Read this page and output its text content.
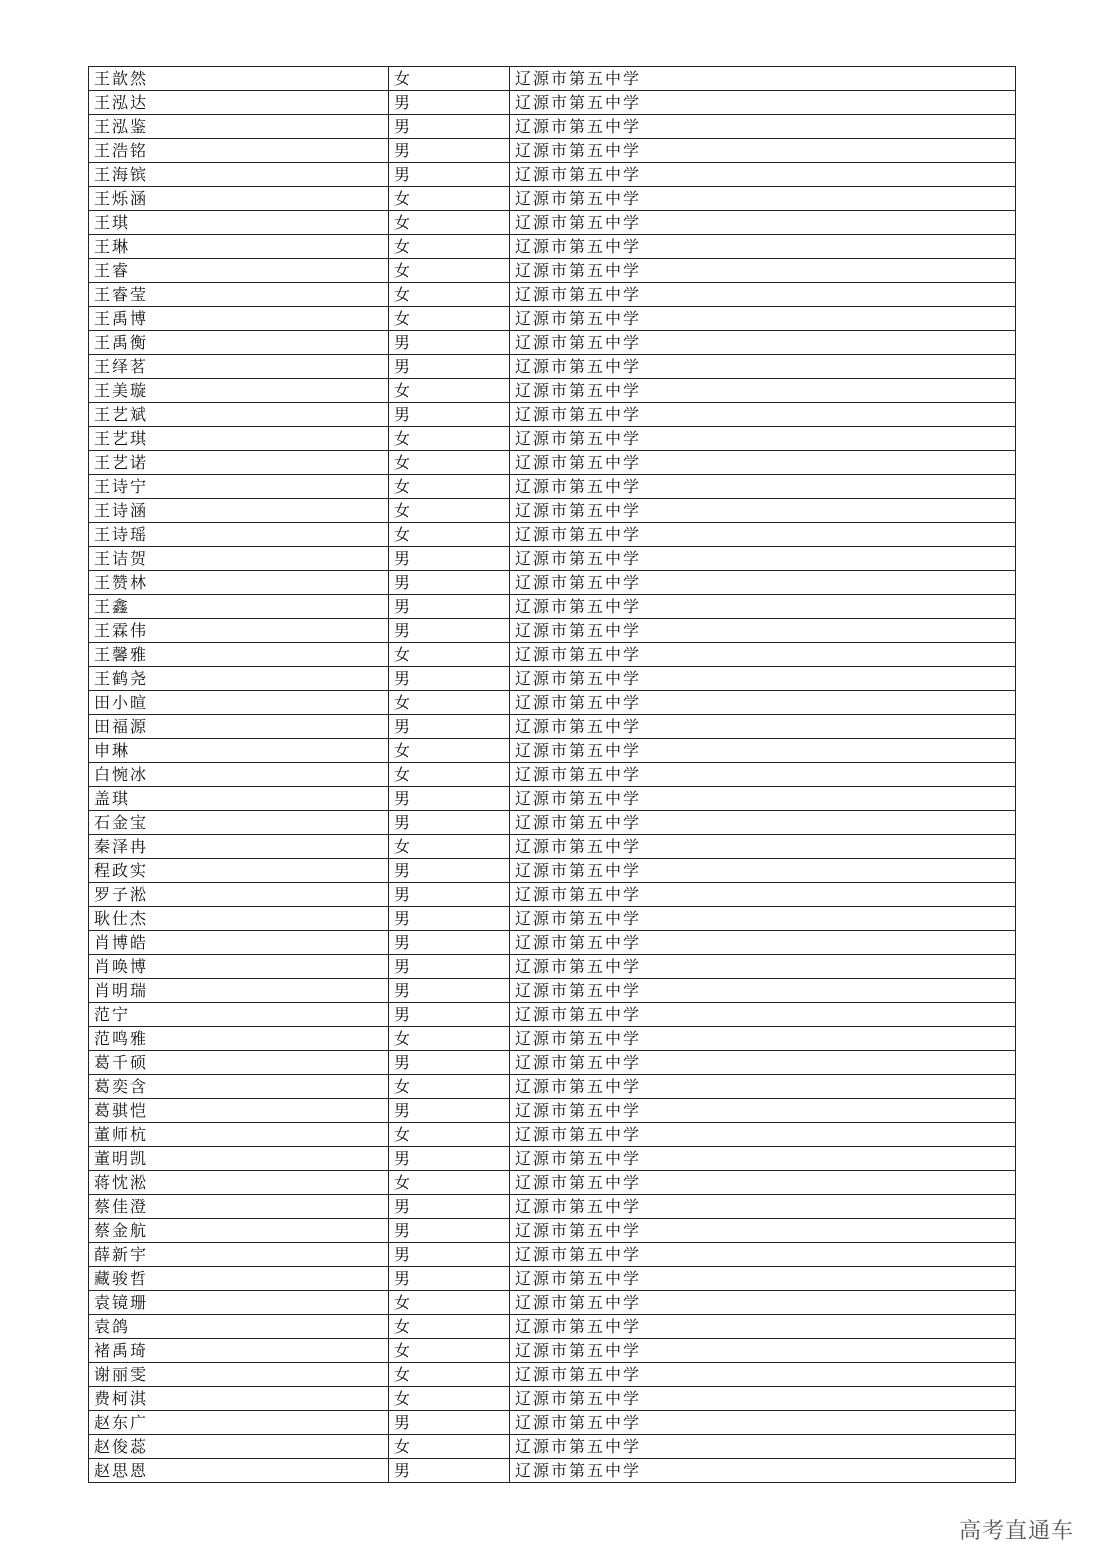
王歆然	女	辽源市第五中学
王泓达	男	辽源市第五中学
王泓鉴	男	辽源市第五中学
王浩铭	男	辽源市第五中学
王海镔	男	辽源市第五中学
王烁涵	女	辽源市第五中学
王琪	女	辽源市第五中学
王琳	女	辽源市第五中学
王睿	女	辽源市第五中学
王睿莹	女	辽源市第五中学
王禹博	女	辽源市第五中学
王禹衡	男	辽源市第五中学
王绎茗	男	辽源市第五中学
王美璇	女	辽源市第五中学
王艺斌	男	辽源市第五中学
王艺琪	女	辽源市第五中学
王艺诺	女	辽源市第五中学
王诗宁	女	辽源市第五中学
王诗涵	女	辽源市第五中学
王诗瑶	女	辽源市第五中学
王诘贺	男	辽源市第五中学
王赞林	男	辽源市第五中学
王鑫	男	辽源市第五中学
王霖伟	男	辽源市第五中学
王馨雅	女	辽源市第五中学
王鹤尧	男	辽源市第五中学
田小暄	女	辽源市第五中学
田福源	男	辽源市第五中学
申琳	女	辽源市第五中学
白惋冰	女	辽源市第五中学
盖琪	男	辽源市第五中学
石金宝	男	辽源市第五中学
秦泽冉	女	辽源市第五中学
程政实	男	辽源市第五中学
罗子淞	男	辽源市第五中学
耿仕杰	男	辽源市第五中学
肖博皓	男	辽源市第五中学
肖唤博	男	辽源市第五中学
肖明瑞	男	辽源市第五中学
范宁	男	辽源市第五中学
范鸣雅	女	辽源市第五中学
葛千硕	男	辽源市第五中学
葛奕含	女	辽源市第五中学
葛骐恺	男	辽源市第五中学
董师杭	女	辽源市第五中学
董明凯	男	辽源市第五中学
蒋忱淞	女	辽源市第五中学
蔡佳澄	男	辽源市第五中学
蔡金航	男	辽源市第五中学
薛新宇	男	辽源市第五中学
藏骏哲	男	辽源市第五中学
袁镜珊	女	辽源市第五中学
袁鸽	女	辽源市第五中学
褚禹琦	女	辽源市第五中学
谢丽雯	女	辽源市第五中学
费柯淇	女	辽源市第五中学
赵东广	男	辽源市第五中学
赵俊蕊	女	辽源市第五中学
赵思恩	男	辽源市第五中学
高考直通车
